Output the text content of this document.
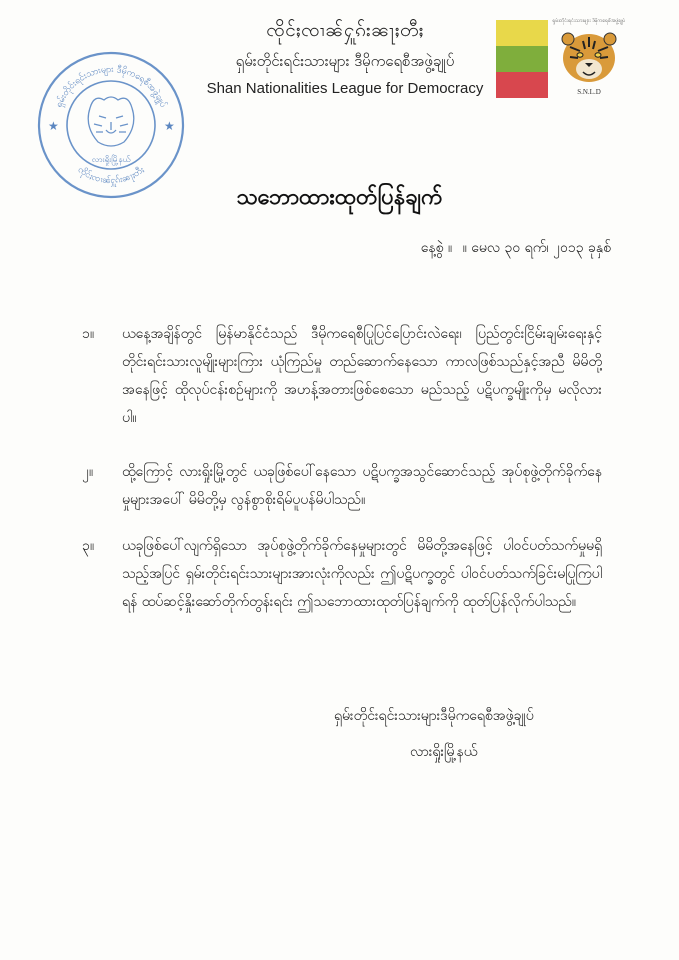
ရှမ်းတိုင်းရင်းသားများ ဒီမိုကရေစီအဖွဲ့ချုပ်
ၸိုင်ႈၸၢၼ်ႁူၵ်းၼႃႈတီႈ
★	★
လားရှိုးမြို့နယ်
ၸိုင်ႈၸၢၼ်ႁူၵ်းၼႃႈတီႈ
ရှမ်းတိုင်းရင်းသားများ ဒီမိုကရေစီအဖွဲ့ချုပ်
Shan Nationalities League for Democracy
ရှမ်းတိုင်းရင်းသားများ ဒီမိုကရေစီအဖွဲ့ချုပ်
S.N.L.D
သဘောထားထုတ်ပြန်ချက်
နေ့စွဲ ။ ။ မေလ ၃၀ ရက်၊ ၂၀၁၃ ခုနှစ်
၁။	ယနေ့အချိန်တွင် မြန်မာနိုင်ငံသည် ဒီမိုကရေစီပြုပြင်ပြောင်းလဲရေး၊ ပြည်တွင်းငြိမ်းချမ်းရေးနှင့် တိုင်းရင်းသားလူမျိုးများကြား ယုံကြည်မှု တည်ဆောက်နေသော ကာလဖြစ်သည်နှင့်အညီ မိမိတို့အနေဖြင့် ထိုလုပ်ငန်းစဉ်များကို အဟန့်အတားဖြစ်စေသော မည်သည့် ပဋိပက္ခမျိုးကိုမှ မလိုလားပါ။
၂။	ထို့ကြောင့် လားရှိုးမြို့တွင် ယခုဖြစ်ပေါ်နေသော ပဋိပက္ခအသွင်ဆောင်သည့် အုပ်စုဖွဲ့တိုက်ခိုက်နေမှုများအပေါ် မိမိတို့မှ လွန်စွာစိုးရိမ်ပူပန်မိပါသည်။
၃။	ယခုဖြစ်ပေါ်လျက်ရှိသော အုပ်စုဖွဲ့တိုက်ခိုက်နေမှုများတွင် မိမိတို့အနေဖြင့် ပါဝင်ပတ်သက်မှုမရှိသည့်အပြင် ရှမ်းတိုင်းရင်းသားများအားလုံးကိုလည်း ဤပဋိပက္ခတွင် ပါဝင်ပတ်သက်ခြင်းမပြုကြပါရန် ထပ်ဆင့်နှိုးဆော်တိုက်တွန်းရင်း ဤသဘောထားထုတ်ပြန်ချက်ကို ထုတ်ပြန်လိုက်ပါသည်။
ရှမ်းတိုင်းရင်းသားများဒီမိုကရေစီအဖွဲ့ချုပ်
လားရှိုးမြို့နယ်
